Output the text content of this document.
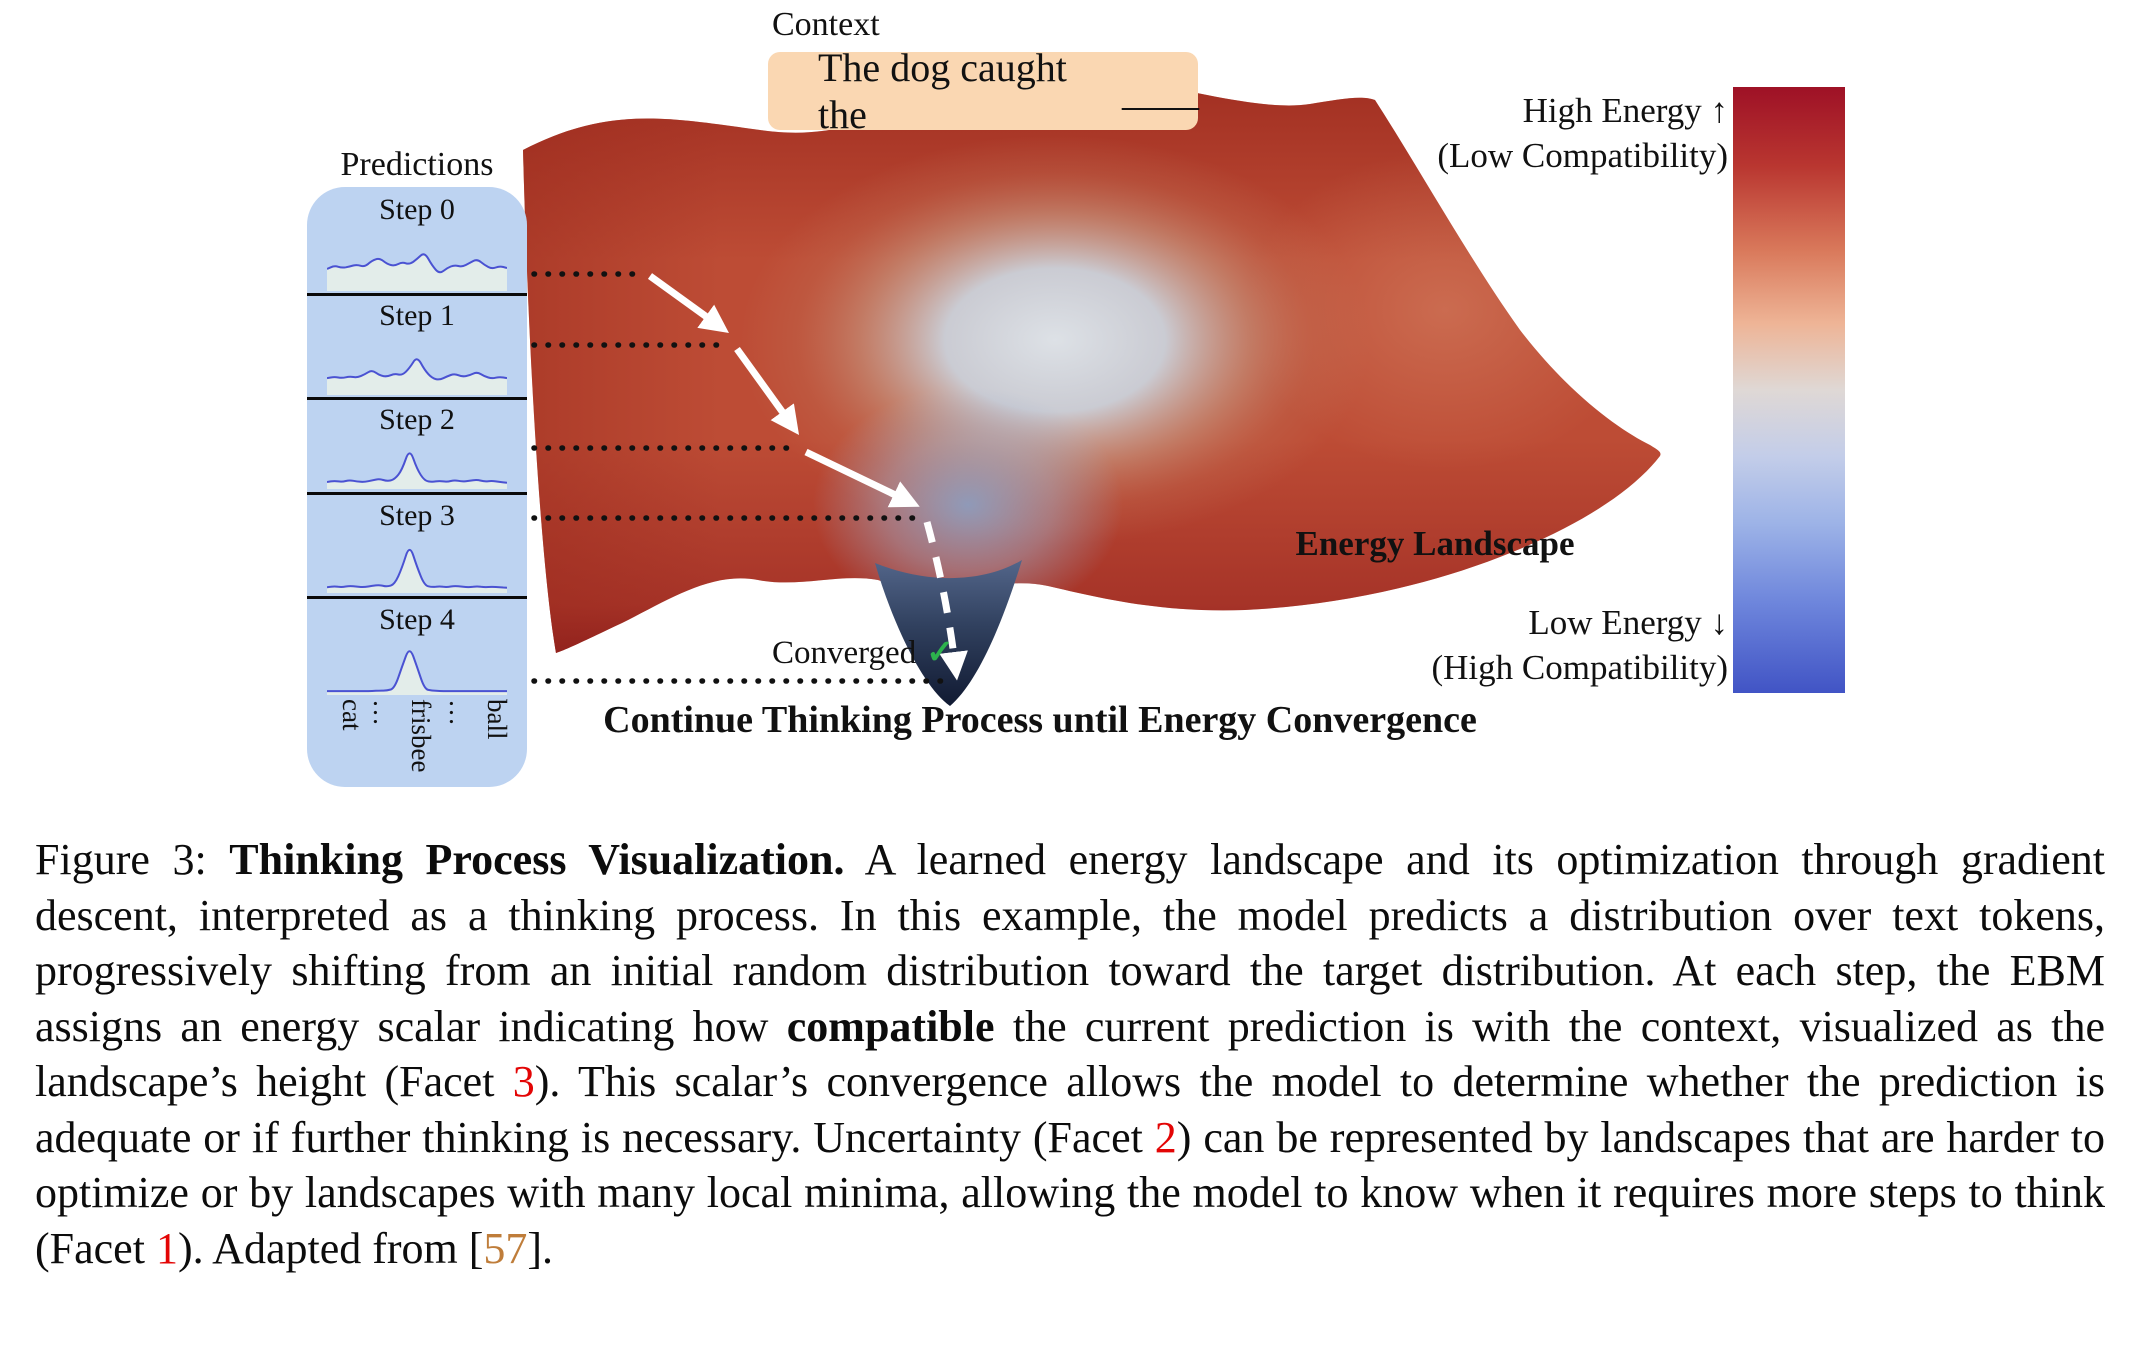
Context
The dog caught the
____
Predictions
Step 0
Step 1
Step 2
Step 3
Step 4
cat … frisbee … ball
Converged ✓
Energy Landscape
Continue Thinking Process until Energy Convergence
High Energy ↑
(Low Compatibility)
Low Energy ↓
(High Compatibility)
Figure 3: Thinking Process Visualization. A learned energy landscape and its optimization through gradient descent, interpreted as a thinking process. In this example, the model predicts a distribution over text tokens, progressively shifting from an initial random distribution toward the target distribution. At each step, the EBM assigns an energy scalar indicating how compatible the current prediction is with the context, visualized as the landscape’s height (Facet 3). This scalar’s convergence allows the model to determine whether the prediction is adequate or if further thinking is necessary. Uncertainty (Facet 2) can be represented by landscapes that are harder to optimize or by landscapes with many local minima, allowing the model to know when it requires more steps to think (Facet 1). Adapted from [57].
